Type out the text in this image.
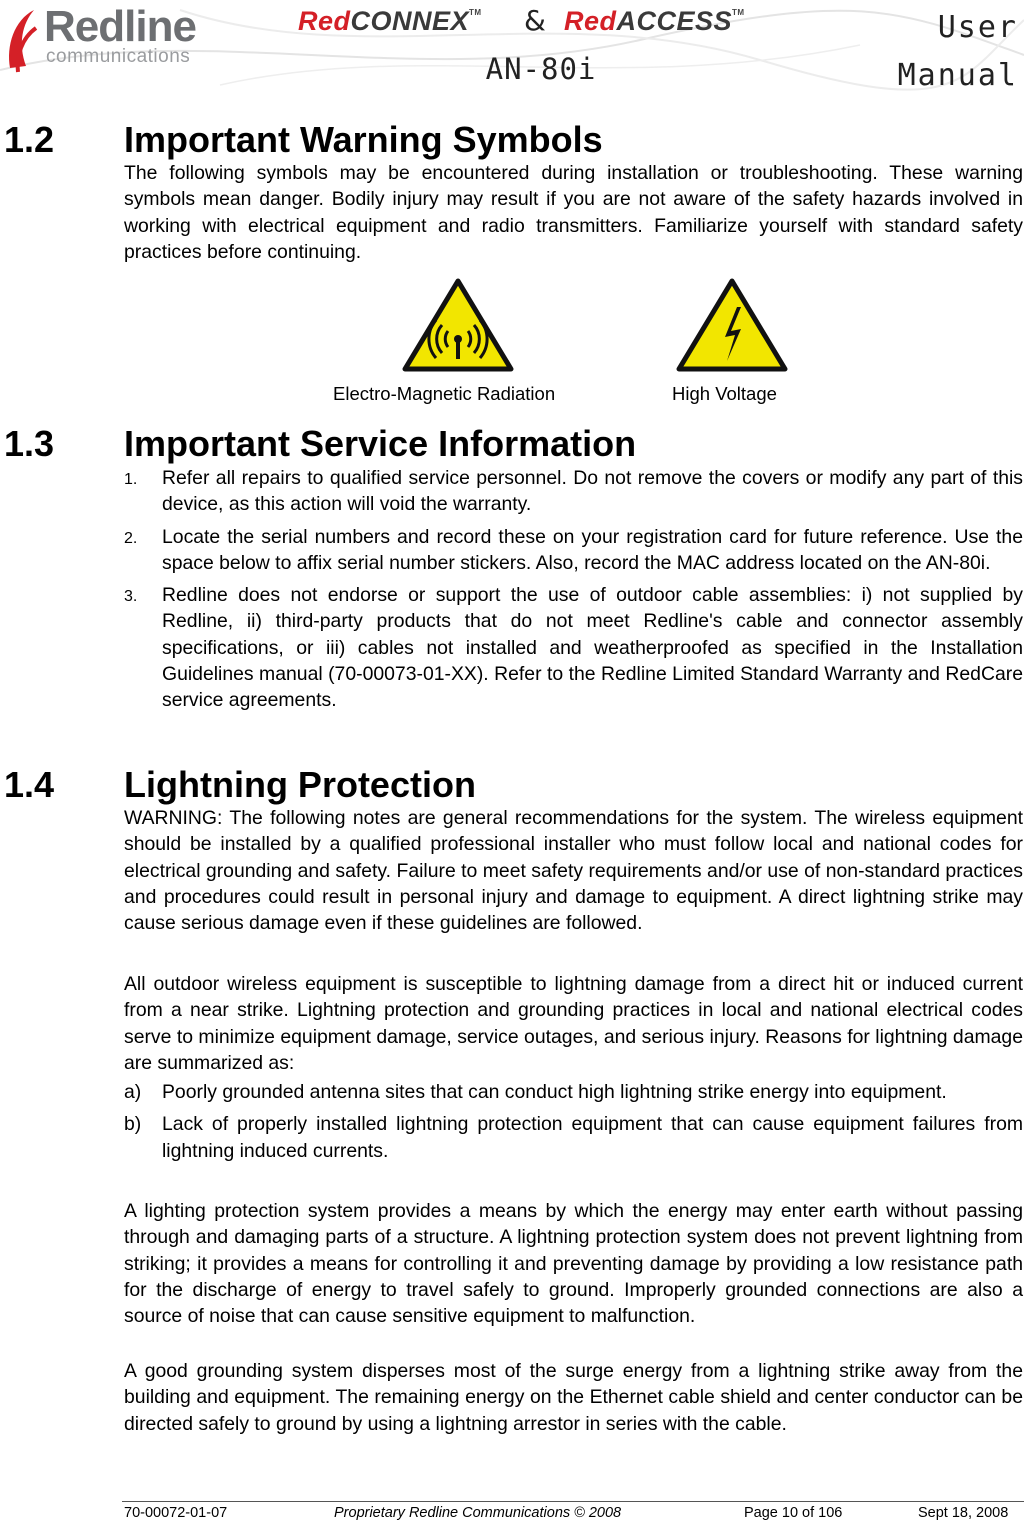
Redline
communications
RedCONNEX™ & RedACCESS™
AN-80i
User
Manual
1.2 Important Warning Symbols

The following symbols may be encountered during installation or troubleshooting. These warning symbols mean danger. Bodily injury may result if you are not aware of the safety hazards involved in working with electrical equipment and radio transmitters. Familiarize yourself with standard safety practices before continuing.

Electro-Magnetic Radiation	High Voltage
1.3 Important Service Information
1. Refer all repairs to qualified service personnel. Do not remove the covers or modify any part of this device, as this action will void the warranty.
2. Locate the serial numbers and record these on your registration card for future reference. Use the space below to affix serial number stickers. Also, record the MAC address located on the AN-80i.
3. Redline does not endorse or support the use of outdoor cable assemblies: i) not supplied by Redline, ii) third-party products that do not meet Redline's cable and connector assembly specifications, or iii) cables not installed and weatherproofed as specified in the Installation Guidelines manual (70-00073-01-XX). Refer to the Redline Limited Standard Warranty and RedCare service agreements.
1.4 Lightning Protection

WARNING: The following notes are general recommendations for the system. The wireless equipment should be installed by a qualified professional installer who must follow local and national codes for electrical grounding and safety. Failure to meet safety requirements and/or use of non-standard practices and procedures could result in personal injury and damage to equipment. A direct lightning strike may cause serious damage even if these guidelines are followed.

All outdoor wireless equipment is susceptible to lightning damage from a direct hit or induced current from a near strike. Lightning protection and grounding practices in local and national electrical codes serve to minimize equipment damage, service outages, and serious injury. Reasons for lightning damage are summarized as:

a) Poorly grounded antenna sites that can conduct high lightning strike energy into equipment.
b) Lack of properly installed lightning protection equipment that can cause equipment failures from lightning induced currents.

A lighting protection system provides a means by which the energy may enter earth without passing through and damaging parts of a structure. A lightning protection system does not prevent lightning from striking; it provides a means for controlling it and preventing damage by providing a low resistance path for the discharge of energy to travel safely to ground. Improperly grounded connections are also a source of noise that can cause sensitive equipment to malfunction.

A good grounding system disperses most of the surge energy from a lightning strike away from the building and equipment. The remaining energy on the Ethernet cable shield and center conductor can be directed safely to ground by using a lightning arrestor in series with the cable.

70-00072-01-07	Proprietary Redline Communications © 2008	Page 10 of 106	Sept 18, 2008
